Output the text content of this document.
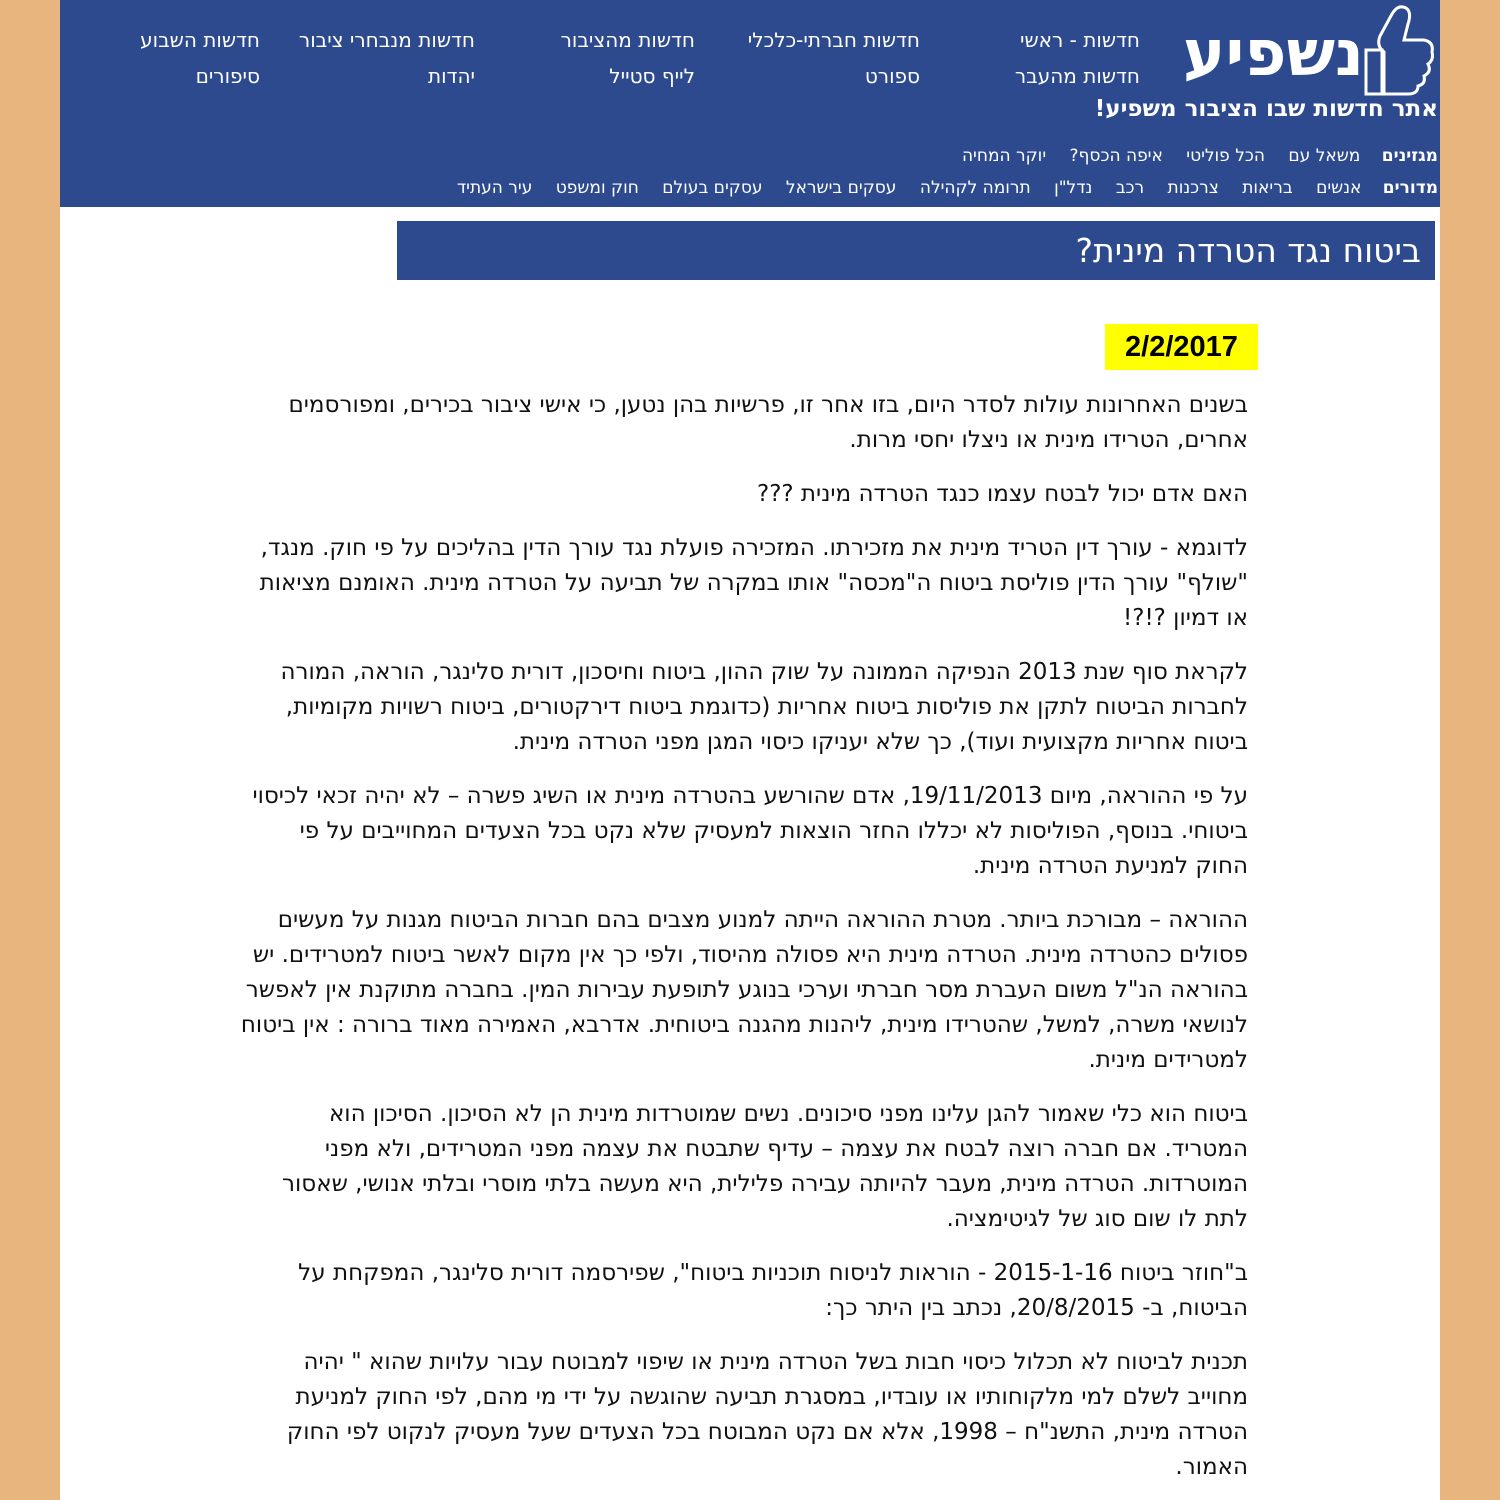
נשפיע
אתר חדשות שבו הציבור משפיע!
חדשות - ראשי
חדשות מהעבר
חדשות חברתי-כלכלי
ספורט
חדשות מהציבור
לייף סטייל
חדשות מנבחרי ציבור
יהדות
חדשות השבוע
סיפורים
מגזינים משאל עם הכל פוליטי איפה הכסף? יוקר המחיה
מדורים אנשים בריאות צרכנות רכב נדל"ן תרומה לקהילה עסקים בישראל עסקים בעולם חוק ומשפט עיר העתיד
ביטוח נגד הטרדה מינית?
2/2/2017

בשנים האחרונות עולות לסדר היום, בזו אחר זו, פרשיות בהן נטען, כי אישי ציבור בכירים, ומפורסמים אחרים, הטרידו מינית או ניצלו יחסי מרות.

האם אדם יכול לבטח עצמו כנגד הטרדה מינית ???

לדוגמא - עורך דין הטריד מינית את מזכירתו. המזכירה פועלת נגד עורך הדין בהליכים על פי חוק. מנגד, "שולף" עורך הדין פוליסת ביטוח ה"מכסה" אותו במקרה של תביעה על הטרדה מינית. האומנם מציאות או דמיון ?!?!

לקראת סוף שנת 2013 הנפיקה הממונה על שוק ההון, ביטוח וחיסכון, דורית סלינגר, הוראה, המורה לחברות הביטוח לתקן את פוליסות ביטוח אחריות (כדוגמת ביטוח דירקטורים, ביטוח רשויות מקומיות, ביטוח אחריות מקצועית ועוד), כך שלא יעניקו כיסוי המגן מפני הטרדה מינית.

על פי ההוראה, מיום 19/11/2013, אדם שהורשע בהטרדה מינית או השיג פשרה – לא יהיה זכאי לכיסוי ביטוחי. בנוסף, הפוליסות לא יכללו החזר הוצאות למעסיק שלא נקט בכל הצעדים המחוייבים על פי החוק למניעת הטרדה מינית.

ההוראה – מבורכת ביותר. מטרת ההוראה הייתה למנוע מצבים בהם חברות הביטוח מגנות על מעשים פסולים כהטרדה מינית. הטרדה מינית היא פסולה מהיסוד, ולפי כך אין מקום לאשר ביטוח למטרידים. יש בהוראה הנ"ל משום העברת מסר חברתי וערכי בנוגע לתופעת עבירות המין. בחברה מתוקנת אין לאפשר לנושאי משרה, למשל, שהטרידו מינית, ליהנות מהגנה ביטוחית. אדרבא, האמירה מאוד ברורה : אין ביטוח למטרידים מינית.

ביטוח הוא כלי שאמור להגן עלינו מפני סיכונים. נשים שמוטרדות מינית הן לא הסיכון. הסיכון הוא המטריד. אם חברה רוצה לבטח את עצמה – עדיף שתבטח את עצמה מפני המטרידים, ולא מפני המוטרדות. הטרדה מינית, מעבר להיותה עבירה פלילית, היא מעשה בלתי מוסרי ובלתי אנושי, שאסור לתת לו שום סוג של לגיטימציה.

ב"חוזר ביטוח 2015-1-16 - הוראות לניסוח תוכניות ביטוח", שפירסמה דורית סלינגר, המפקחת על הביטוח, ב- 20/8/2015, נכתב בין היתר כך:

תכנית לביטוח לא תכלול כיסוי חבות בשל הטרדה מינית או שיפוי למבוטח עבור עלויות שהוא " יהיה מחוייב לשלם למי מלקוחותיו או עובדיו, במסגרת תביעה שהוגשה על ידי מי מהם, לפי החוק למניעת הטרדה מינית, התשנ"ח – 1998, אלא אם נקט המבוטח בכל הצעדים שעל מעסיק לנקוט לפי החוק האמור.
